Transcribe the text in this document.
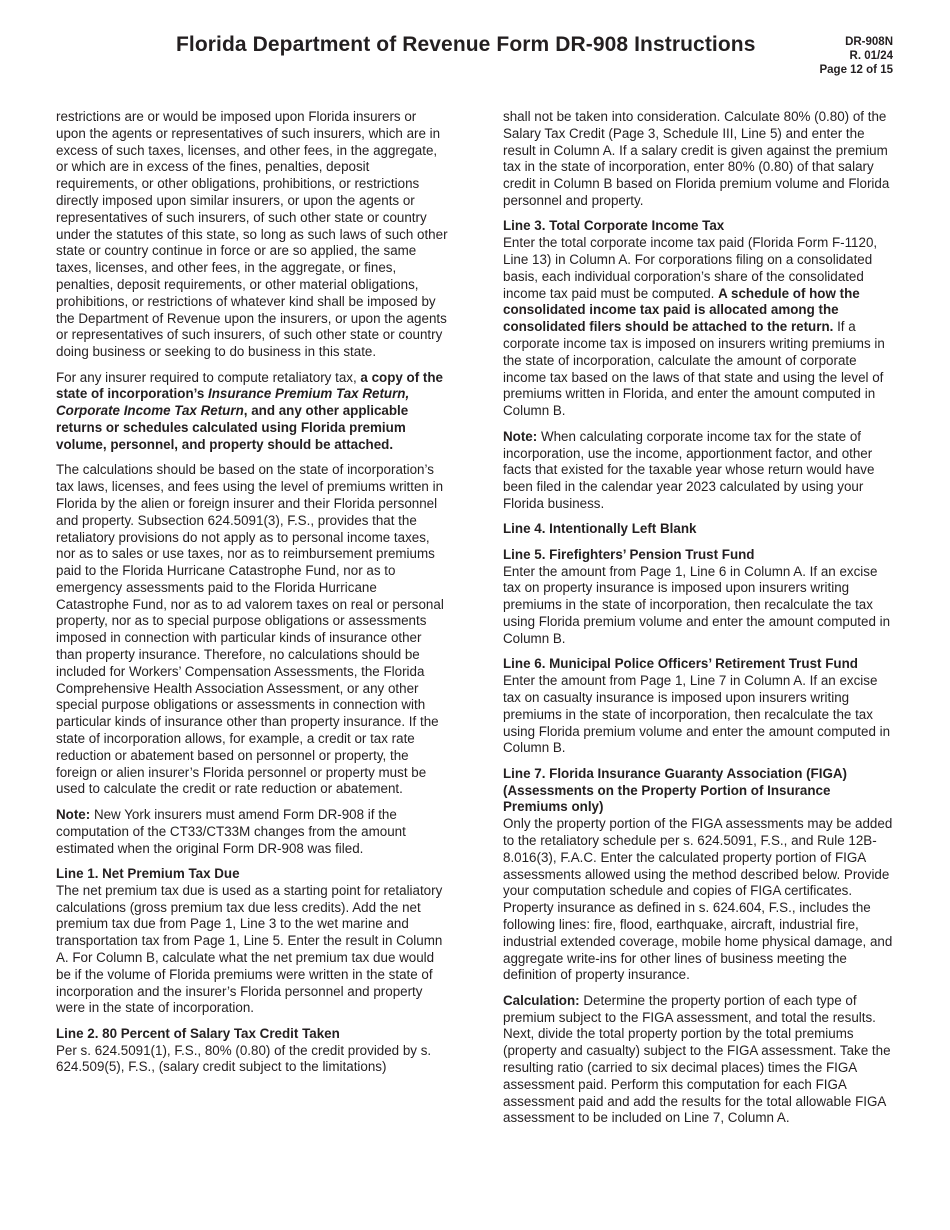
Florida Department of Revenue Form DR-908 Instructions	DR-908N
R. 01/24
Page 12 of 15

restrictions are or would be imposed upon Florida insurers or upon the agents or representatives of such insurers, which are in excess of such taxes, licenses, and other fees, in the aggregate, or which are in excess of the fines, penalties, deposit requirements, or other obligations, prohibitions, or restrictions directly imposed upon similar insurers, or upon the agents or representatives of such insurers, of such other state or country under the statutes of this state, so long as such laws of such other state or country continue in force or are so applied, the same taxes, licenses, and other fees, in the aggregate, or fines, penalties, deposit requirements, or other material obligations, prohibitions, or restrictions of whatever kind shall be imposed by the Department of Revenue upon the insurers, or upon the agents or representatives of such insurers, of such other state or country doing business or seeking to do business in this state.

For any insurer required to compute retaliatory tax, a copy of the state of incorporation’s Insurance Premium Tax Return, Corporate Income Tax Return, and any other applicable returns or schedules calculated using Florida premium volume, personnel, and property should be attached.

The calculations should be based on the state of incorporation’s tax laws, licenses, and fees using the level of premiums written in Florida by the alien or foreign insurer and their Florida personnel and property. Subsection 624.5091(3), F.S., provides that the retaliatory provisions do not apply as to personal income taxes, nor as to sales or use taxes, nor as to reimbursement premiums paid to the Florida Hurricane Catastrophe Fund, nor as to emergency assessments paid to the Florida Hurricane Catastrophe Fund, nor as to ad valorem taxes on real or personal property, nor as to special purpose obligations or assessments imposed in connection with particular kinds of insurance other than property insurance. Therefore, no calculations should be included for Workers’ Compensation Assessments, the Florida Comprehensive Health Association Assessment, or any other special purpose obligations or assessments in connection with particular kinds of insurance other than property insurance. If the state of incorporation allows, for example, a credit or tax rate reduction or abatement based on personnel or property, the foreign or alien insurer’s Florida personnel or property must be used to calculate the credit or rate reduction or abatement.

Note: New York insurers must amend Form DR-908 if the computation of the CT33/CT33M changes from the amount estimated when the original Form DR-908 was filed.

Line 1. Net Premium Tax Due

The net premium tax due is used as a starting point for retaliatory calculations (gross premium tax due less credits). Add the net premium tax due from Page 1, Line 3 to the wet marine and transportation tax from Page 1, Line 5. Enter the result in Column A. For Column B, calculate what the net premium tax due would be if the volume of Florida premiums were written in the state of incorporation and the insurer’s Florida personnel and property were in the state of incorporation.

Line 2. 80 Percent of Salary Tax Credit Taken

Per s. 624.5091(1), F.S., 80% (0.80) of the credit provided by s. 624.509(5), F.S., (salary credit subject to the limitations)

shall not be taken into consideration. Calculate 80% (0.80) of the Salary Tax Credit (Page 3, Schedule III, Line 5) and enter the result in Column A. If a salary credit is given against the premium tax in the state of incorporation, enter 80% (0.80) of that salary credit in Column B based on Florida premium volume and Florida personnel and property.

Line 3. Total Corporate Income Tax

Enter the total corporate income tax paid (Florida Form F-1120, Line 13) in Column A. For corporations filing on a consolidated basis, each individual corporation’s share of the consolidated income tax paid must be computed. A schedule of how the consolidated income tax paid is allocated among the consolidated filers should be attached to the return. If a corporate income tax is imposed on insurers writing premiums in the state of incorporation, calculate the amount of corporate income tax based on the laws of that state and using the level of premiums written in Florida, and enter the amount computed in Column B.

Note: When calculating corporate income tax for the state of incorporation, use the income, apportionment factor, and other facts that existed for the taxable year whose return would have been filed in the calendar year 2023 calculated by using your Florida business.

Line 4. Intentionally Left Blank

Line 5. Firefighters’ Pension Trust Fund

Enter the amount from Page 1, Line 6 in Column A. If an excise tax on property insurance is imposed upon insurers writing premiums in the state of incorporation, then recalculate the tax using Florida premium volume and enter the amount computed in Column B.

Line 6. Municipal Police Officers’ Retirement Trust Fund

Enter the amount from Page 1, Line 7 in Column A. If an excise tax on casualty insurance is imposed upon insurers writing premiums in the state of incorporation, then recalculate the tax using Florida premium volume and enter the amount computed in Column B.

Line 7. Florida Insurance Guaranty Association (FIGA) (Assessments on the Property Portion of Insurance Premiums only)

Only the property portion of the FIGA assessments may be added to the retaliatory schedule per s. 624.5091, F.S., and Rule 12B-8.016(3), F.A.C. Enter the calculated property portion of FIGA assessments allowed using the method described below. Provide your computation schedule and copies of FIGA certificates. Property insurance as defined in s. 624.604, F.S., includes the following lines: fire, flood, earthquake, aircraft, industrial fire, industrial extended coverage, mobile home physical damage, and aggregate write-ins for other lines of business meeting the definition of property insurance.

Calculation: Determine the property portion of each type of premium subject to the FIGA assessment, and total the results. Next, divide the total property portion by the total premiums (property and casualty) subject to the FIGA assessment. Take the resulting ratio (carried to six decimal places) times the FIGA assessment paid. Perform this computation for each FIGA assessment paid and add the results for the total allowable FIGA assessment to be included on Line 7, Column A.
